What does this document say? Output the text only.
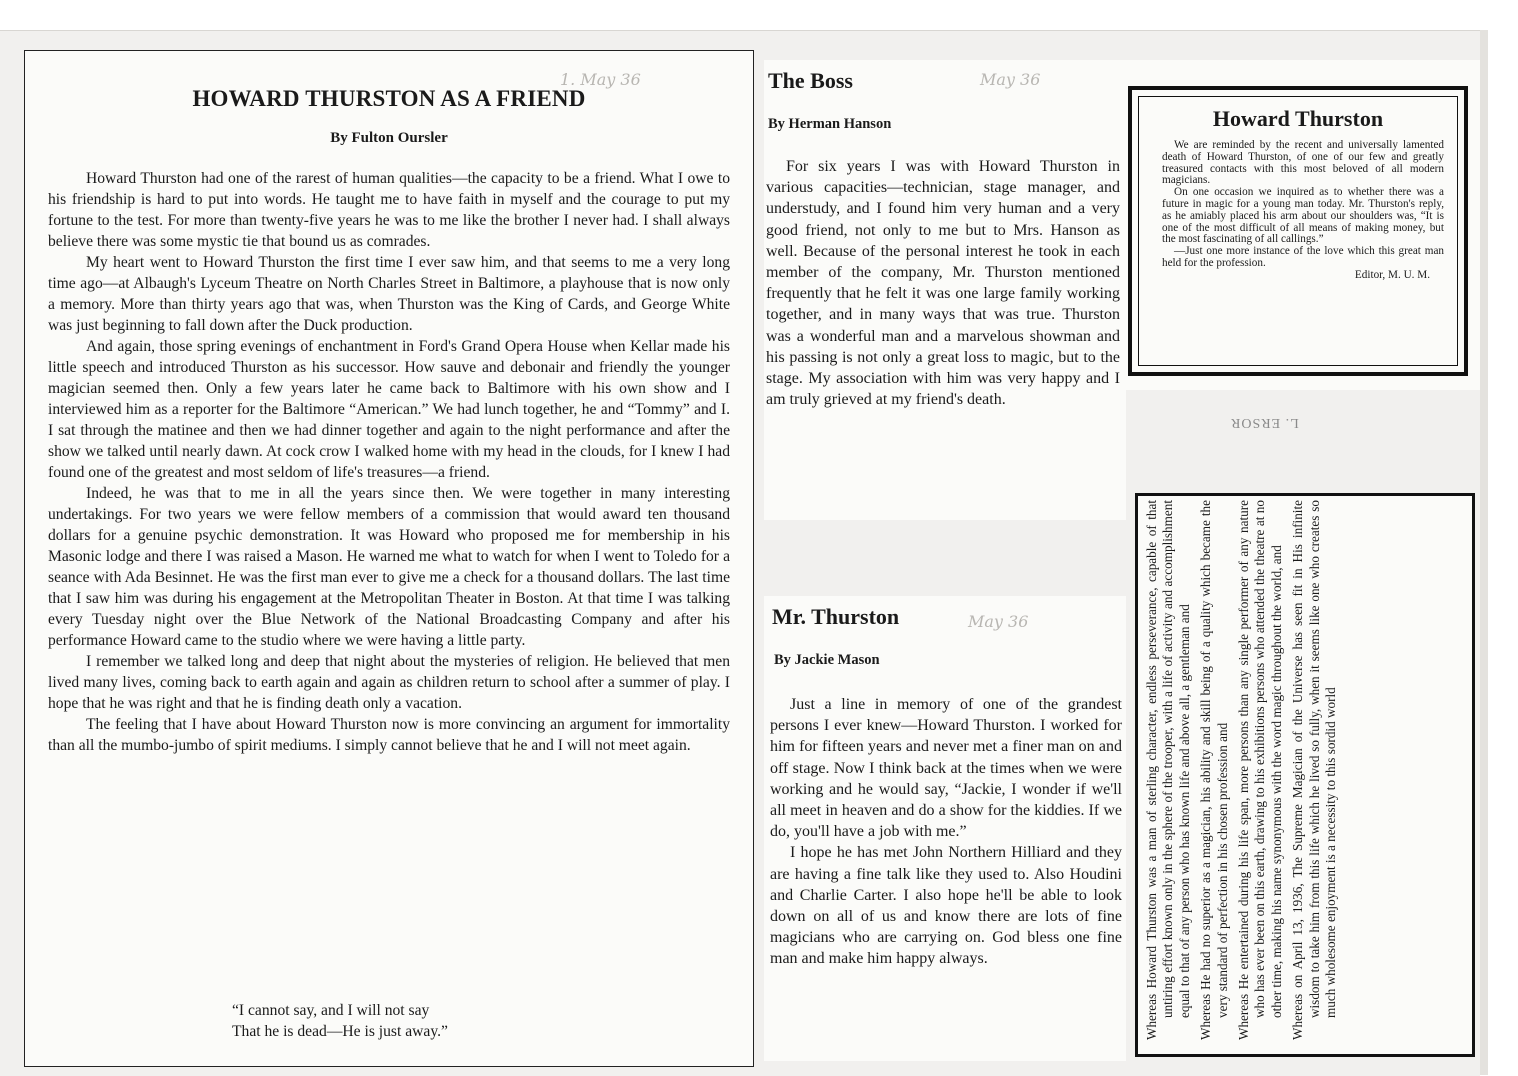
1. May 36
HOWARD THURSTON AS A FRIEND
By Fulton Oursler

Howard Thurston had one of the rarest of human qualities—the capacity to be a friend. What I owe to his friendship is hard to put into words. He taught me to have faith in myself and the courage to put my fortune to the test. For more than twenty-five years he was to me like the brother I never had. I shall always believe there was some mystic tie that bound us as comrades.

My heart went to Howard Thurston the first time I ever saw him, and that seems to me a very long time ago—at Albaugh's Lyceum Theatre on North Charles Street in Baltimore, a playhouse that is now only a memory. More than thirty years ago that was, when Thurston was the King of Cards, and George White was just beginning to fall down after the Duck production.

And again, those spring evenings of enchantment in Ford's Grand Opera House when Kellar made his little speech and introduced Thurston as his successor. How sauve and debonair and friendly the younger magician seemed then. Only a few years later he came back to Baltimore with his own show and I interviewed him as a reporter for the Baltimore “American.” We had lunch together, he and “Tommy” and I. I sat through the matinee and then we had dinner together and again to the night performance and after the show we talked until nearly dawn. At cock crow I walked home with my head in the clouds, for I knew I had found one of the greatest and most seldom of life's treasures—a friend.

Indeed, he was that to me in all the years since then. We were together in many interesting undertakings. For two years we were fellow members of a commission that would award ten thousand dollars for a genuine psychic demonstration. It was Howard who proposed me for membership in his Masonic lodge and there I was raised a Mason. He warned me what to watch for when I went to Toledo for a seance with Ada Besinnet. He was the first man ever to give me a check for a thousand dollars. The last time that I saw him was during his engagement at the Metropolitan Theater in Boston. At that time I was talking every Tuesday night over the Blue Network of the National Broadcasting Company and after his performance Howard came to the studio where we were having a little party.

I remember we talked long and deep that night about the mysteries of religion. He believed that men lived many lives, coming back to earth again and again as children return to school after a summer of play. I hope that he was right and that he is finding death only a vacation.

The feeling that I have about Howard Thurston now is more convincing an argument for immortality than all the mumbo-jumbo of spirit mediums. I simply cannot believe that he and I will not meet again.

“I cannot say, and I will not say
That he is dead—He is just away.”
May 36
The Boss
By Herman Hanson

For six years I was with Howard Thurston in various capacities—technician, stage manager, and understudy, and I found him very human and a very good friend, not only to me but to Mrs. Hanson as well. Because of the personal interest he took in each member of the company, Mr. Thurston mentioned frequently that he felt it was one large family working together, and in many ways that was true. Thurston was a wonderful man and a marvelous showman and his passing is not only a great loss to magic, but to the stage. My association with him was very happy and I am truly grieved at my friend's death.

May 36
Mr. Thurston
By Jackie Mason

Just a line in memory of one of the grandest persons I ever knew—Howard Thurston. I worked for him for fifteen years and never met a finer man on and off stage. Now I think back at the times when we were working and he would say, “Jackie, I wonder if we'll all meet in heaven and do a show for the kiddies. If we do, you'll have a job with me.”

I hope he has met John Northern Hilliard and they are having a fine talk like they used to. Also Houdini and Charlie Carter. I also hope he'll be able to look down on all of us and know there are lots of fine magicians who are carrying on. God bless one fine man and make him happy always.

Howard Thurston

We are reminded by the recent and universally lamented death of Howard Thurston, of one of our few and greatly treasured contacts with this most beloved of all modern magicians.

On one occasion we inquired as to whether there was a future in magic for a young man today. Mr. Thurston's reply, as he amiably placed his arm about our shoulders was, “It is one of the most difficult of all means of making money, but the most fascinating of all callings.”

—Just one more instance of the love which this great man held for the profession.

Editor, M. U. M.
L. ERSOR

Whereas Howard Thurston was a man of sterling character, endless perseverance, capable of that untiring effort known only in the sphere of the trooper, with a life of activity and accomplishment equal to that of any person who has known life and above all, a gentleman and Whereas He had no superior as a magician, his ability and skill being of a quality which became the very standard of perfection in his chosen profession and Whereas He entertained during his life span, more persons than any single performer of any nature who has ever been on this earth, drawing to his exhibitions persons who attended the theatre at no other time, making his name synonymous with the word magic throughout the world, and Whereas on April 13, 1936, The Supreme Magician of the Universe has seen fit in His infinite wisdom to take him from this life which he lived so fully, when it seems like one who creates so much wholesome enjoyment is a necessity to this sordid world
